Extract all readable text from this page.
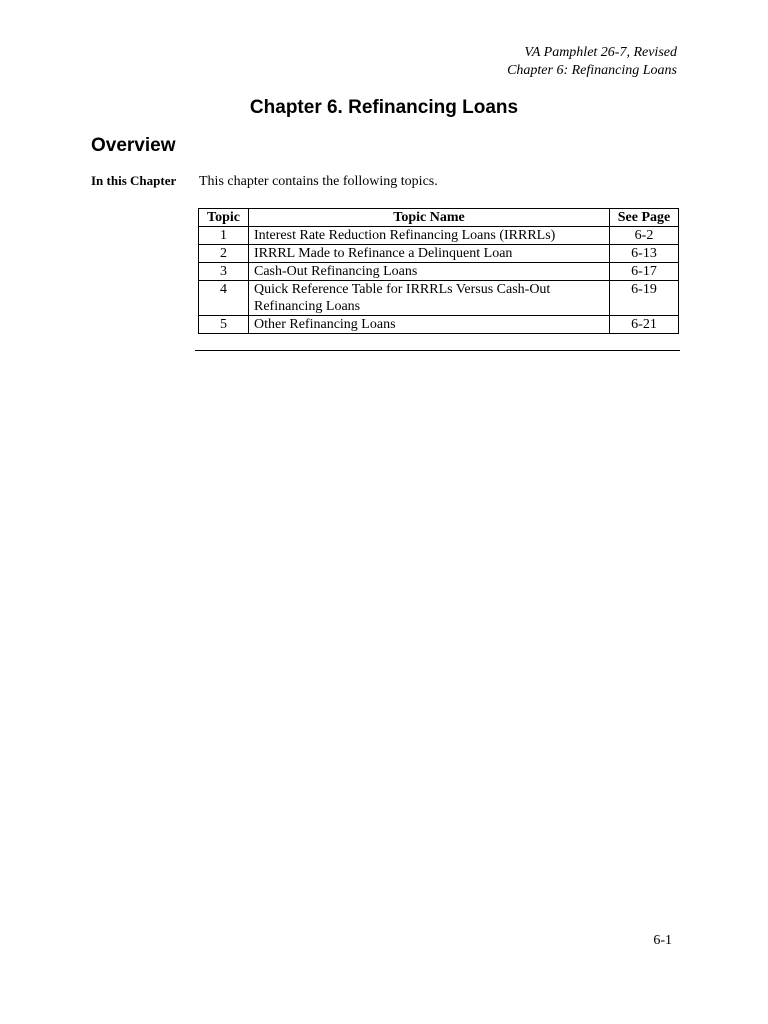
VA Pamphlet 26-7, Revised
Chapter 6: Refinancing Loans
Chapter 6. Refinancing Loans
Overview
In this Chapter This chapter contains the following topics.
Topic	Topic Name	See Page
1	Interest Rate Reduction Refinancing Loans (IRRRLs)	6-2
2	IRRRL Made to Refinance a Delinquent Loan	6-13
3	Cash-Out Refinancing Loans	6-17
4	Quick Reference Table for IRRRLs Versus Cash-Out Refinancing Loans	6-19
5	Other Refinancing Loans	6-21
6-1
